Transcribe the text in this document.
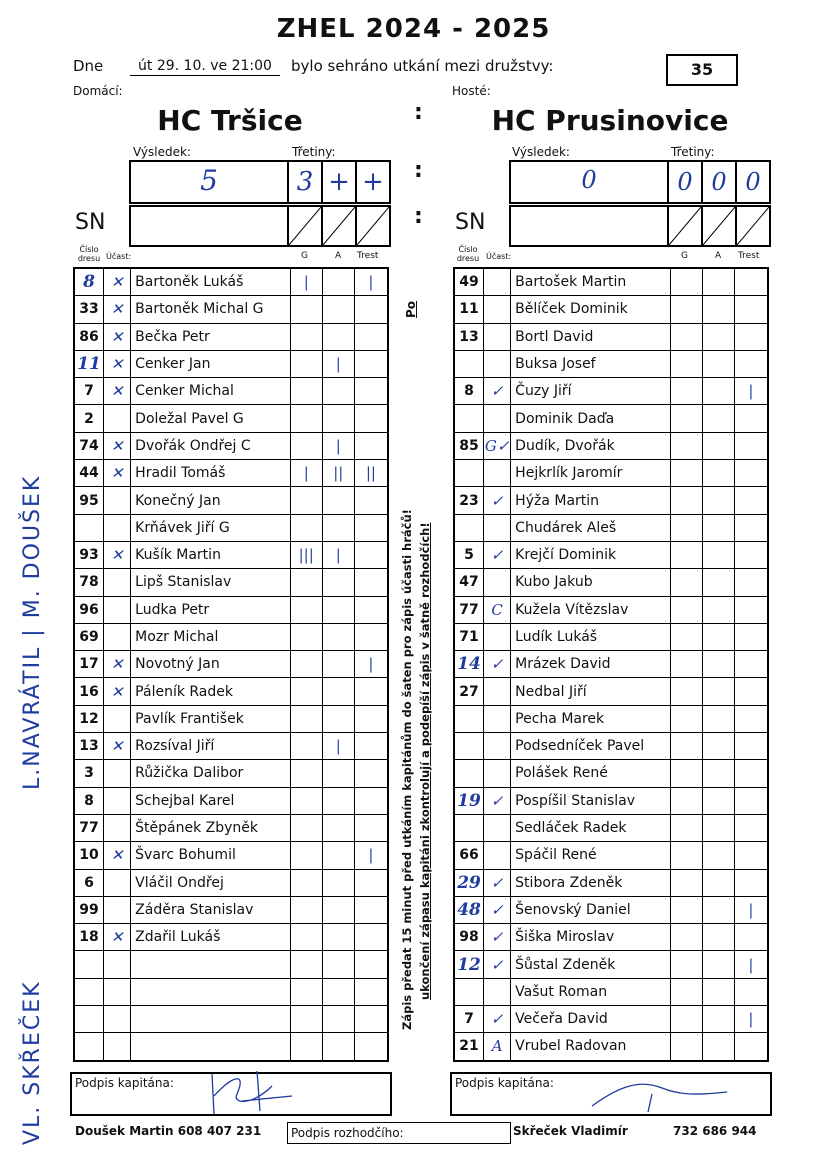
ZHEL 2024 - 2025
Dne	út 29. 10. ve 21:00	bylo sehráno utkání mezi družstvy:	35
Domácí:	Hosté:
HC Tršice	HC Prusinovice
:
:
:
Výsledek:	Třetiny:
5	3 + +
Výsledek:	Třetiny:
0	0 0 0
SN	SN
Číslo dresu Účast:	G	A Trest
Číslo dresu Účast:	G	A Trest
8	✕	Bartoněk Lukáš	|		|
33	✕	Bartoněk Michal G			
86	✕	Bečka Petr			
11	✕	Cenker Jan		|	
7	✕	Cenker Michal			
2		Doležal Pavel G			
74	✕	Dvořák Ondřej C		|	
44	✕	Hradil Tomáš	|	||	||
95		Konečný Jan			
		Krňávek Jiří G			
93	✕	Kušík Martin	|||	|	
78		Lipš Stanislav			
96		Ludka Petr			
69		Mozr Michal			
17	✕	Novotný Jan			|
16	✕	Páleník Radek			
12		Pavlík František			
13	✕	Rozsíval Jiří		|	
3		Růžička Dalibor			
8		Schejbal Karel			
77		Štěpánek Zbyněk			
10	✕	Švarc Bohumil			|
6		Vláčil Ondřej			
99		Záděra Stanislav			
18	✕	Zdařil Lukáš			

49		Bartošek Martin			
11		Bělíček Dominik			
13		Bortl David			
		Buksa Josef			
8	✓	Čuzy Jiří			|
		Dominik Daďa			
85	G✓	Dudík, Dvořák			
		Hejkrlík Jaromír			
23	✓	Hýža Martin			
		Chudárek Aleš			
5	✓	Krejčí Dominik			
47		Kubo Jakub			
77	C	Kužela Vítězslav			
71		Ludík Lukáš			
14	✓	Mrázek David			
27		Nedbal Jiří			
		Pecha Marek			
		Podsedníček Pavel			
		Polášek René			
19	✓	Pospíšil Stanislav			
		Sedláček Radek			
66		Spáčil René			
29	✓	Stibora Zdeněk			
48	✓	Šenovský Daniel			|
98	✓	Šiška Miroslav			
12	✓	Šůstal Zdeněk			|
		Vašut Roman			
7	✓	Večeřa David			|
21	A	Vrubel Radovan			
Po
Zápis předat 15 minut před utkáním kapitánům do šaten pro zápis účasti hráčů! ukončení zápasu kapitáni zkontrolují a podepíší zápis v šatně rozhodčích!
L.NAVRÁTIL | M. DOUŠEK
VL. SKŘEČEK	Podpis kapitána:	Podpis kapitána:
Doušek Martin 608 407 231 Podpis rozhodčího:	Skřeček Vladimír	732 686 944
